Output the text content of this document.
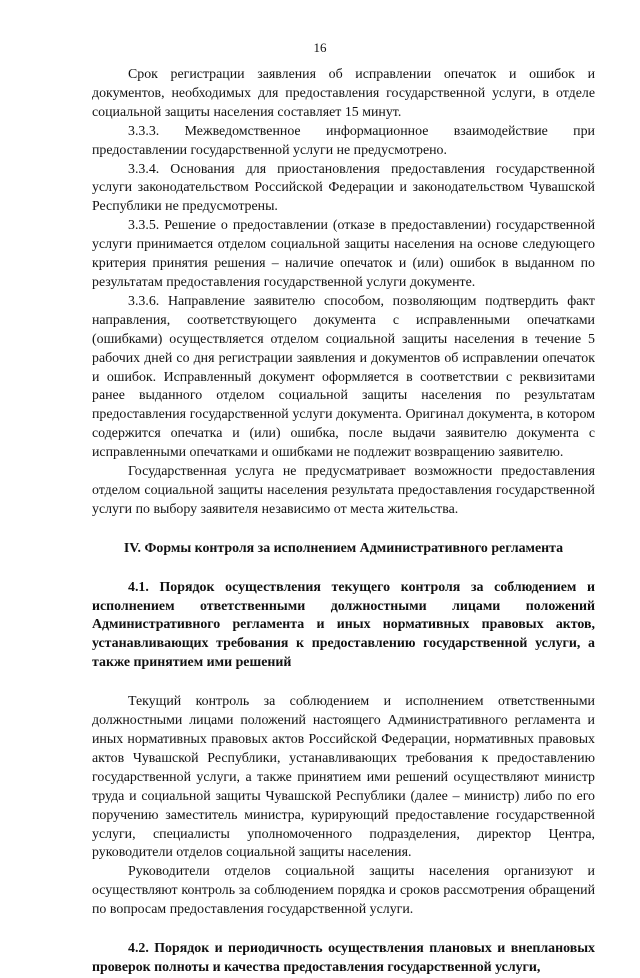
16

Срок регистрации заявления об исправлении опечаток и ошибок и документов, необходимых для предоставления государственной услуги, в отделе социальной защиты населения составляет 15 минут.

3.3.3. Межведомственное информационное взаимодействие при предоставлении государственной услуги не предусмотрено.

3.3.4. Основания для приостановления предоставления государственной услуги законодательством Российской Федерации и законодательством Чувашской Республики не предусмотрены.

3.3.5. Решение о предоставлении (отказе в предоставлении) государственной услуги принимается отделом социальной защиты населения на основе следующего критерия принятия решения – наличие опечаток и (или) ошибок в выданном по результатам предоставления государственной услуги документе.

3.3.6. Направление заявителю способом, позволяющим подтвердить факт направления, соответствующего документа с исправленными опечатками (ошибками) осуществляется отделом социальной защиты населения в течение 5 рабочих дней со дня регистрации заявления и документов об исправлении опечаток и ошибок. Исправленный документ оформляется в соответствии с реквизитами ранее выданного отделом социальной защиты населения по результатам предоставления государственной услуги документа. Оригинал документа, в котором содержится опечатка и (или) ошибка, после выдачи заявителю документа с исправленными опечатками и ошибками не подлежит возвращению заявителю.

Государственная услуга не предусматривает возможности предоставления отделом социальной защиты населения результата предоставления государственной услуги по выбору заявителя независимо от места жительства.

IV. Формы контроля за исполнением Административного регламента

4.1. Порядок осуществления текущего контроля за соблюдением и исполнением ответственными должностными лицами положений Административного регламента и иных нормативных правовых актов, устанавливающих требования к предоставлению государственной услуги, а также принятием ими решений

Текущий контроль за соблюдением и исполнением ответственными должностными лицами положений настоящего Административного регламента и иных нормативных правовых актов Российской Федерации, нормативных правовых актов Чувашской Республики, устанавливающих требования к предоставлению государственной услуги, а также принятием ими решений осуществляют министр труда и социальной защиты Чувашской Республики (далее – министр) либо по его поручению заместитель министра, курирующий предоставление государственной услуги, специалисты уполномоченного подразделения, директор Центра, руководители отделов социальной защиты населения.

Руководители отделов социальной защиты населения организуют и осуществляют контроль за соблюдением порядка и сроков рассмотрения обращений по вопросам предоставления государственной услуги.

4.2. Порядок и периодичность осуществления плановых и внеплановых проверок полноты и качества предоставления государственной услуги,
